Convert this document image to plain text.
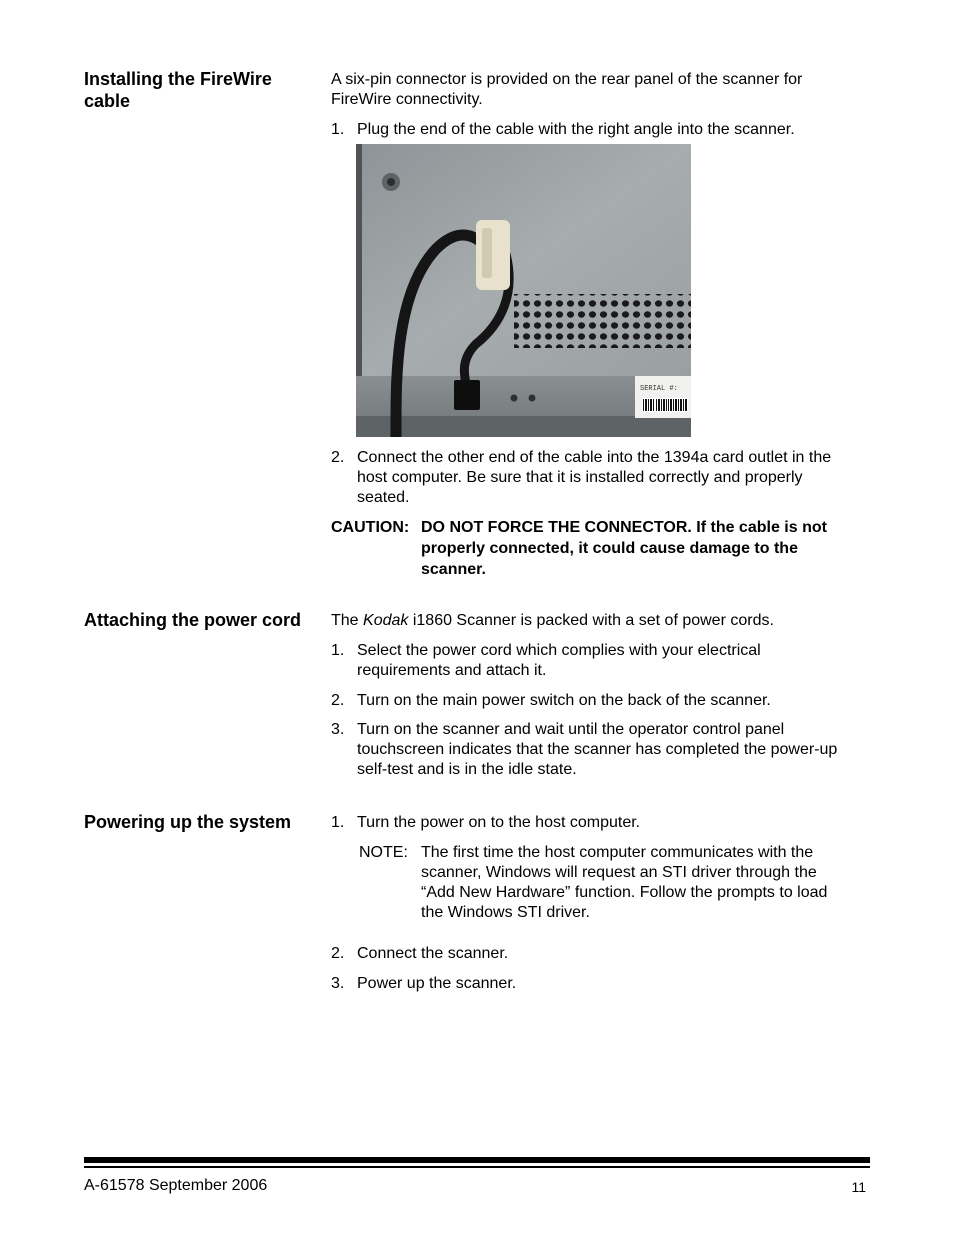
Installing the FireWire
cable
A six-pin connector is provided on the rear panel of the scanner for
FireWire connectivity.
1. Plug the end of the cable with the right angle into the scanner.
SERIAL #:
2. Connect the other end of the cable into the 1394a card outlet in the
host computer. Be sure that it is installed correctly and properly
seated.
CAUTION: DO NOT FORCE THE CONNECTOR. If the cable is not
properly connected, it could cause damage to the
scanner.
Attaching the power cord	The Kodak i1860 Scanner is packed with a set of power cords.
1. Select the power cord which complies with your electrical
requirements and attach it.
2. Turn on the main power switch on the back of the scanner.
3. Turn on the scanner and wait until the operator control panel
touchscreen indicates that the scanner has completed the power-up
self-test and is in the idle state.
Powering up the system	1. Turn the power on to the host computer.
NOTE: The first time the host computer communicates with the
scanner, Windows will request an STI driver through the
“Add New Hardware” function. Follow the prompts to load
the Windows STI driver.
2. Connect the scanner.
3. Power up the scanner.
A-61578 September 2006	11
